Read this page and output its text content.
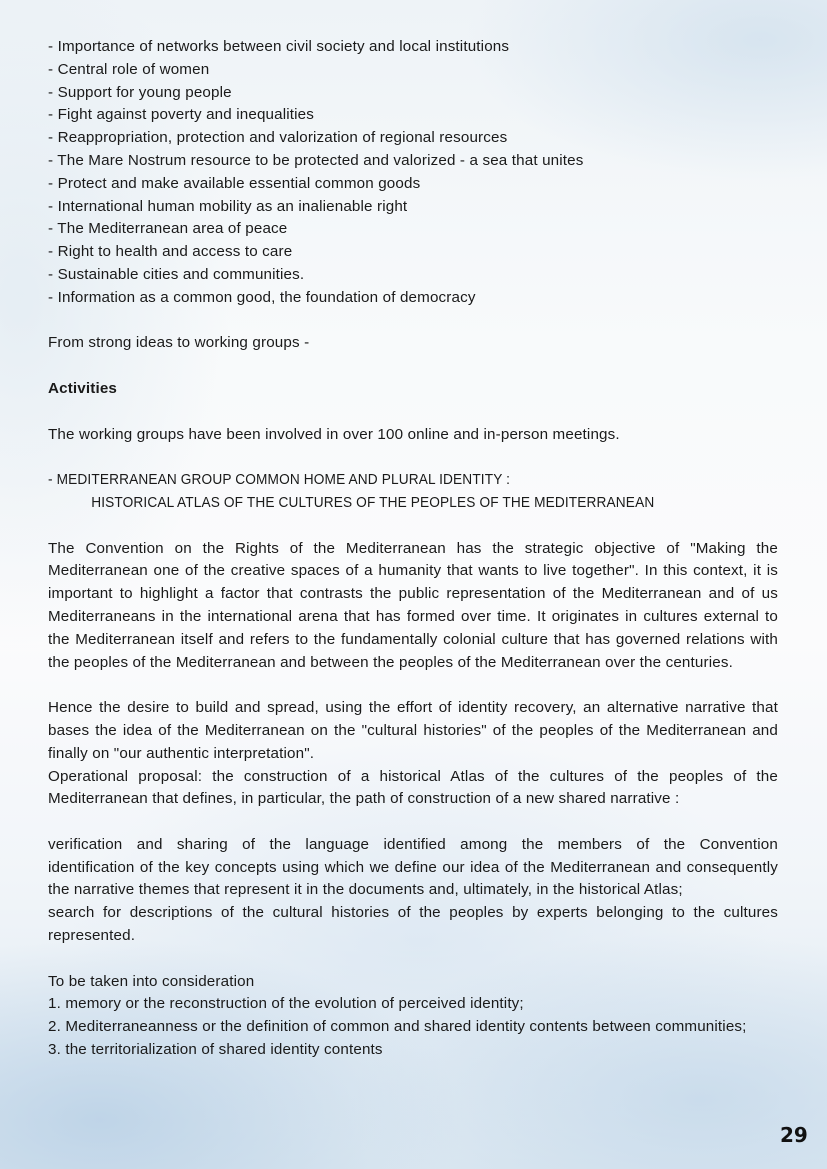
- Importance of networks between civil society and local institutions
- Central role of women
- Support for young people
- Fight against poverty and inequalities
- Reappropriation, protection and valorization of regional resources
- The Mare Nostrum resource to be protected and valorized - a sea that unites
- Protect and make available essential common goods
- International human mobility as an inalienable right
- The Mediterranean area of peace
- Right to health and access to care
- Sustainable cities and communities.
- Information as a common good, the foundation of democracy
From strong ideas to working groups -
Activities
The working groups have been involved in over 100 online and in-person meetings.
- MEDITERRANEAN GROUP COMMON HOME AND PLURAL IDENTITY :
HISTORICAL ATLAS OF THE CULTURES OF THE PEOPLES OF THE MEDITERRANEAN

The Convention on the Rights of the Mediterranean has the strategic objective of "Making the Mediterranean one of the creative spaces of a humanity that wants to live together". In this context, it is important to highlight a factor that contrasts the public representation of the Mediterranean and of us Mediterraneans in the international arena that has formed over time. It originates in cultures external to the Mediterranean itself and refers to the fundamentally colonial culture that has governed relations with the peoples of the Mediterranean and between the peoples of the Mediterranean over the centuries.

Hence the desire to build and spread, using the effort of identity recovery, an alternative narrative that bases the idea of the Mediterranean on the "cultural histories" of the peoples of the Mediterranean and finally on "our authentic interpretation".

Operational proposal: the construction of a historical Atlas of the cultures of the peoples of the Mediterranean that defines, in particular, the path of construction of a new shared narrative :

verification and sharing of the language identified among the members of the Convention

identification of the key concepts using which we define our idea of the Mediterranean and consequently the narrative themes that represent it in the documents and, ultimately, in the historical Atlas;

search for descriptions of the cultural histories of the peoples by experts belonging to the cultures represented.

To be taken into consideration

1. memory or the reconstruction of the evolution of perceived identity;

2. Mediterraneanness or the definition of common and shared identity contents between communities;

3. the territorialization of shared identity contents

29
